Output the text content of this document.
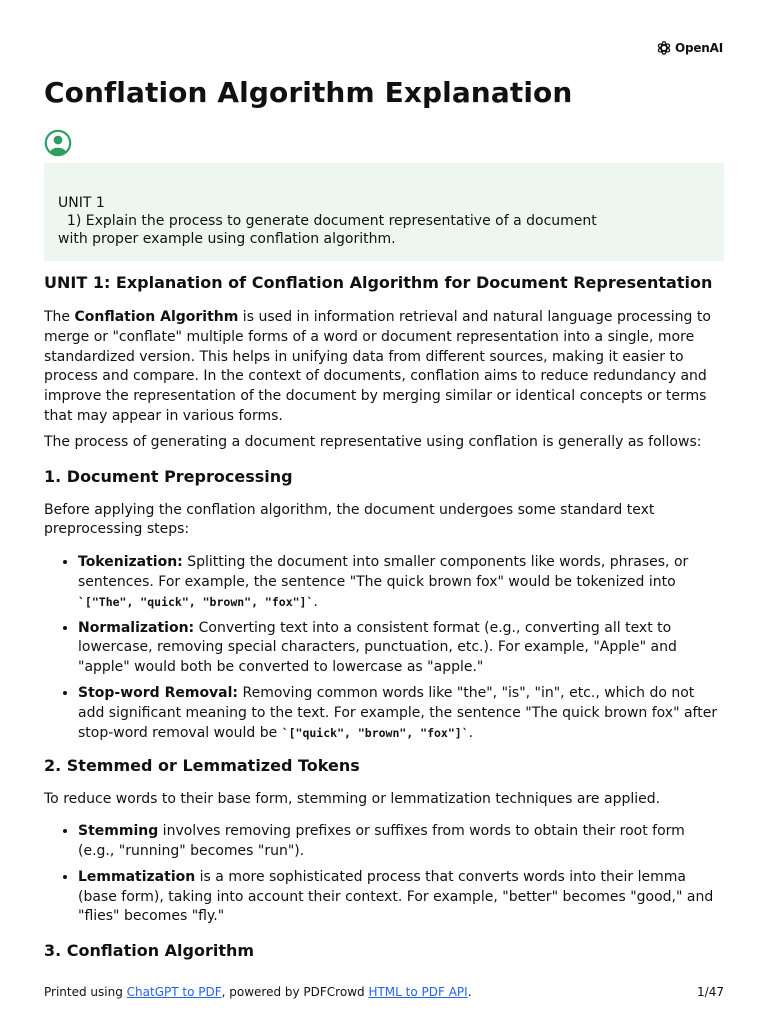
OpenAI
Conflation Algorithm Explanation
UNIT 1
1) Explain the process to generate document representative of a document
with proper example using conflation algorithm.
UNIT 1: Explanation of Conflation Algorithm for Document Representation

The Conflation Algorithm is used in information retrieval and natural language processing to merge or "conflate" multiple forms of a word or document representation into a single, more standardized version. This helps in unifying data from different sources, making it easier to process and compare. In the context of documents, conflation aims to reduce redundancy and improve the representation of the document by merging similar or identical concepts or terms that may appear in various forms.

The process of generating a document representative using conflation is generally as follows:

1. Document Preprocessing

Before applying the conflation algorithm, the document undergoes some standard text preprocessing steps:

• Tokenization: Splitting the document into smaller components like words, phrases, or sentences. For example, the sentence "The quick brown fox" would be tokenized into `["The", "quick", "brown", "fox"]`.
• Normalization: Converting text into a consistent format (e.g., converting all text to lowercase, removing special characters, punctuation, etc.). For example, "Apple" and "apple" would both be converted to lowercase as "apple."
• Stop-word Removal: Removing common words like "the", "is", "in", etc., which do not add significant meaning to the text. For example, the sentence "The quick brown fox" after stop-word removal would be `["quick", "brown", "fox"]`.
2. Stemmed or Lemmatized Tokens

To reduce words to their base form, stemming or lemmatization techniques are applied.

• Stemming involves removing prefixes or suffixes from words to obtain their root form (e.g., "running" becomes "run").
• Lemmatization is a more sophisticated process that converts words into their lemma (base form), taking into account their context. For example, "better" becomes "good," and "flies" becomes "fly."
3. Conflation Algorithm
Printed using ChatGPT to PDF, powered by PDFCrowd HTML to PDF API.	1/47
